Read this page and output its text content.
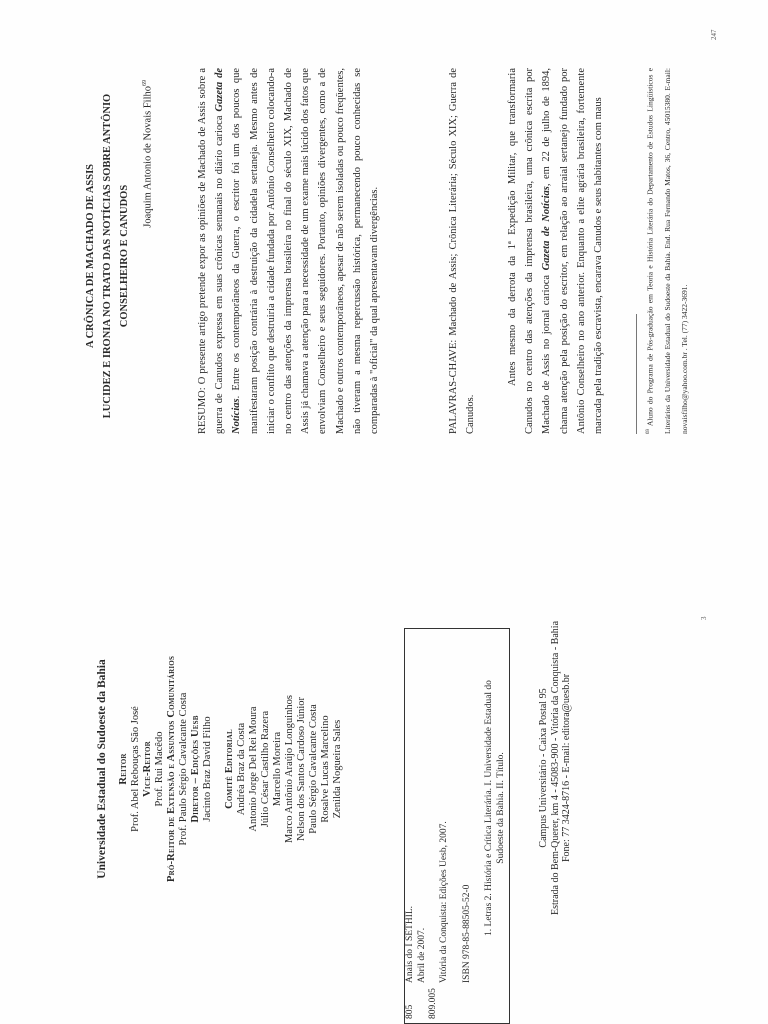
Universidade Estadual do Sudoeste da Bahia Reitor Prof. Abel Rebouças São José Vice-Reitor Prof. Rui Macêdo Pró-Reitor de Extensão e Assuntos Comunitários Prof. Paulo Sérgio Cavalcante Costa Diretor – Edições Uesb Jacinto Braz David Filho Comitê Editorial Andréa Braz da Costa Antonio Jorge Del Rei Moura Júlio César Castilho Razera Marcello Moreira Marco Antônio Araújo Longuinhos Nelson dos Santos Cardoso Júnior Paulo Sérgio Cavalcante Costa Rosalve Lucas Marcelino Zenilda Nogueira Sales
805	809.005
Anais do I SETHIL. Abril de 2007. Vitória da Conquista: Edições Uesb, 2007. ISBN 978-85-88505-52-0 1. Letras 2. História e Crítica Literária. I. Universidade Estadual do Sudoeste da Bahia. II. Título.	Campus Universitário - Caixa Postal 95 Estrada do Bem-Querer, km 4 - 45083-900 - Vitória da Conquista - Bahia Fone: 77 3424-8716 - E-mail: editora@uesb.br
3
A CRÔNICA DE MACHADO DE ASSIS LUCIDEZ E IRONIA NO TRATO DAS NOTÍCIAS SOBRE ANTÔNIO CONSELHEIRO E CANUDOS
Joaquim Antonio de Novais Filho$^{69}$
RESUMO: O presente artigo pretende expor as opiniões de Machado de Assis sobre a guerra de Canudos expressa em suas crônicas semanais no diário carioca Gazeta de Notícias. Entre os contemporâneos da Guerra, o escritor foi um dos poucos que manifestaram posição contrária à destruição da cidadela sertaneja. Mesmo antes de iniciar o conflito que destruiria a cidade fundada por Antônio Conselheiro colocando-a no centro das atenções da imprensa brasileira no final do século XIX, Machado de Assis já chamava a atenção para a necessidade de um exame mais lúcido dos fatos que envolviam Conselheiro e seus seguidores. Portanto, opiniões divergentes, como a de Machado e outros contemporâneos, apesar de não serem isoladas ou pouco freqüentes, não tiveram a mesma repercussão histórica, permanecendo pouco conhecidas se comparadas à "oficial" da qual apresentavam divergências.	PALAVRAS-CHAVE: Machado de Assis; Crônica Literária; Século XIX; Guerra de Canudos.
Antes mesmo da derrota da 1ª Expedição Militar, que transformaria Canudos no centro das atenções da imprensa brasileira, uma crônica escrita por Machado de Assis no jornal carioca Gazeta de Notícias, em 22 de julho de 1894, chama atenção pela posição do escritor, em relação ao arraial sertanejo fundado por Antônio Conselheiro no ano anterior. Enquanto a elite agrária brasileira, fortemente marcada pela tradição escravista, encarava Canudos e seus habitantes com maus	$^{69}$ Aluno do Programa de Pós-graduação em Teoria e História Literária do Departamento de Estudos Lingüísticos e Literários da Universidade Estadual do Sudoeste da Bahia. End. Rua Fernando Matos, 36, Centro, 45015380. E-mail: novaisfilho@yahoo.com.br . Tel. (77) 3422-3691.
247
